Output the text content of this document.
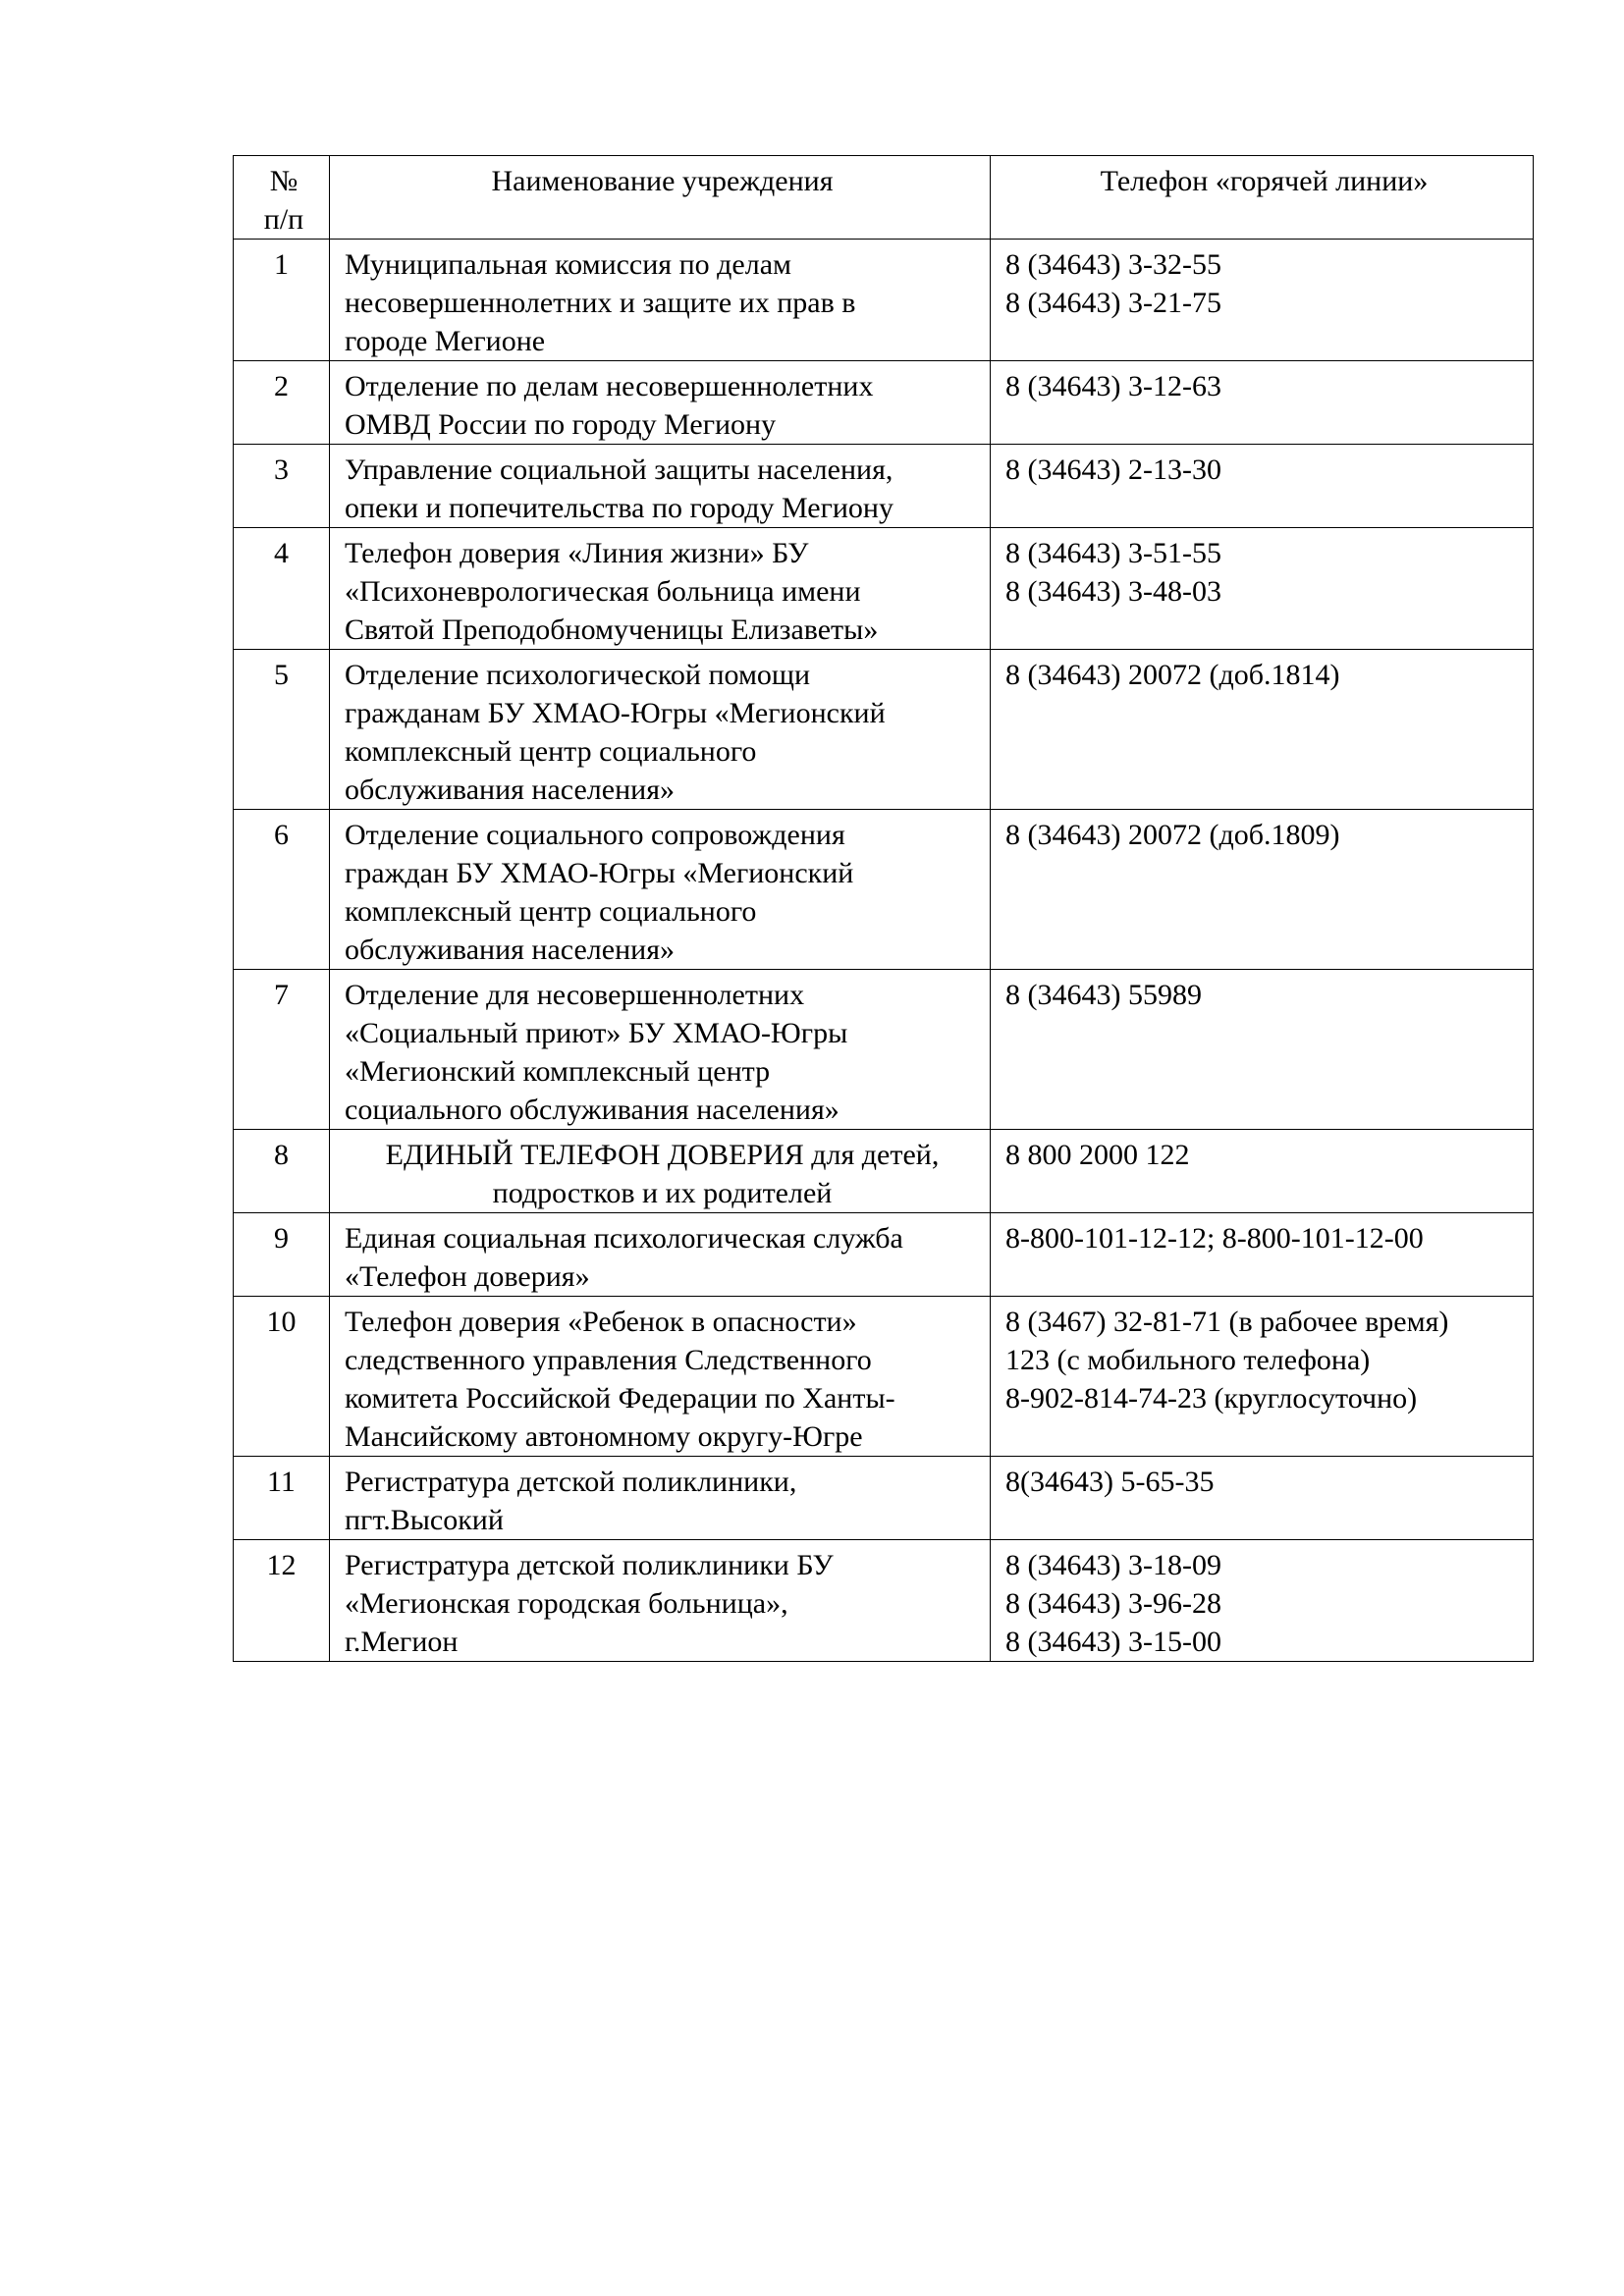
№
п/п	Наименование учреждения	Телефон «горячей линии»
1	Муниципальная комиссия по делам
несовершеннолетних и защите их прав в
городе Мегионе	8 (34643) 3-32-55
8 (34643) 3-21-75

2	Отделение по делам несовершеннолетних
ОМВД России по городу Мегиону	8 (34643) 3-12-63

3	Управление социальной защиты населения,
опеки и попечительства по городу Мегиону	8 (34643) 2-13-30

4	Телефон доверия «Линия жизни» БУ
«Психоневрологическая больница имени
Святой Преподобномученицы Елизаветы»	8 (34643) 3-51-55
8 (34643) 3-48-03

5	Отделение психологической помощи
гражданам БУ ХМАО-Югры «Мегионский
комплексный центр социального
обслуживания населения»	8 (34643) 20072 (доб.1814)

6	Отделение социального сопровождения
граждан БУ ХМАО-Югры «Мегионский
комплексный центр социального
обслуживания населения»	8 (34643) 20072 (доб.1809)

7	Отделение для несовершеннолетних
«Социальный приют» БУ ХМАО-Югры
«Мегионский комплексный центр
социального обслуживания населения»	8 (34643) 55989

8	ЕДИНЫЙ ТЕЛЕФОН ДОВЕРИЯ для детей,
подростков и их родителей	8 800 2000 122

9	Единая социальная психологическая служба
«Телефон доверия»	8-800-101-12-12; 8-800-101-12-00

10	Телефон доверия «Ребенок в опасности»
следственного управления Следственного
комитета Российской Федерации по Ханты-
Мансийскому автономному округу-Югре	8 (3467) 32-81-71 (в рабочее время)
123 (с мобильного телефона)
8-902-814-74-23 (круглосуточно)

11	Регистратура детской поликлиники,
пгт.Высокий	8(34643) 5-65-35

12	Регистратура детской поликлиники БУ
«Мегионская городская больница»,
г.Мегион	8 (34643) 3-18-09
8 (34643) 3-96-28
8 (34643) 3-15-00
